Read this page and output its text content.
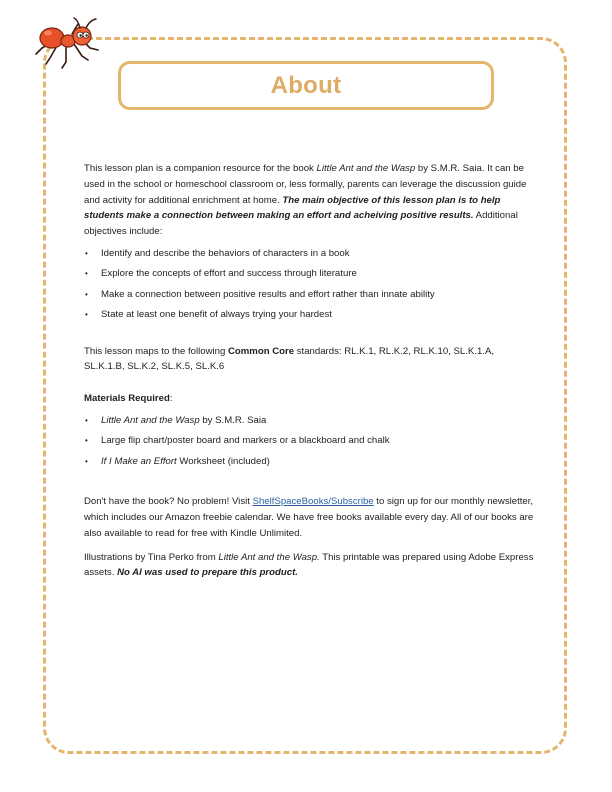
About

This lesson plan is a companion resource for the book Little Ant and the Wasp by S.M.R. Saia. It can be used in the school or homeschool classroom or, less formally, parents can leverage the discussion guide and activity for additional enrichment at home. The main objective of this lesson plan is to help students make a connection between making an effort and acheiving positive results. Additional objectives include:

• Identify and describe the behaviors of characters in a book
• Explore the concepts of effort and success through literature
• Make a connection between positive results and effort rather than innate ability
• State at least one benefit of always trying your hardest

This lesson maps to the following Common Core standards: RL.K.1, RL.K.2, RL.K.10, SL.K.1.A, SL.K.1.B, SL.K.2, SL.K.5, SL.K.6

Materials Required:

• Little Ant and the Wasp by S.M.R. Saia
• Large flip chart/poster board and markers or a blackboard and chalk
• If I Make an Effort Worksheet (included)

Don't have the book? No problem! Visit ShelfSpaceBooks/Subscribe to sign up for our monthly newsletter, which includes our Amazon freebie calendar. We have free books available every day. All of our books are also available to read for free with Kindle Unlimited.

Illustrations by Tina Perko from Little Ant and the Wasp. This printable was prepared using Adobe Express assets. No AI was used to prepare this product.
